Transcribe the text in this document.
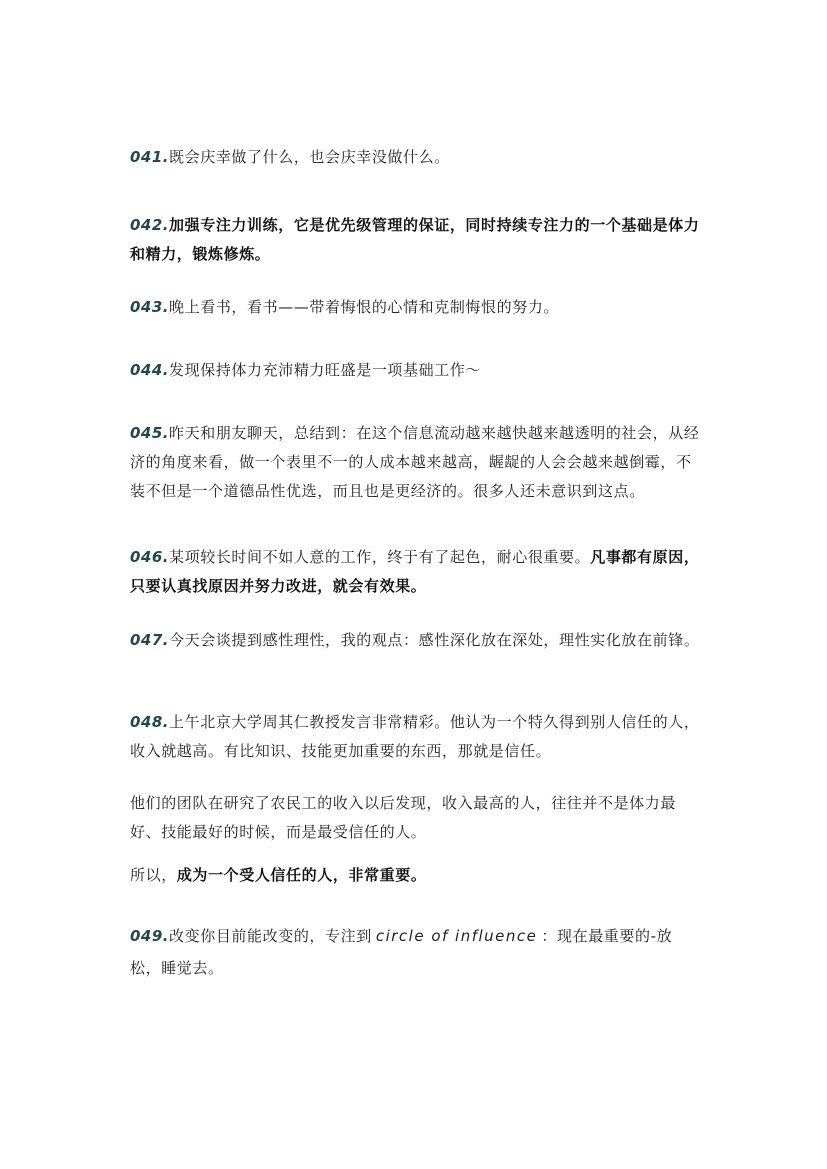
041.既会庆幸做了什么，也会庆幸没做什么。

042.加强专注力训练，它是优先级管理的保证，同时持续专注力的一个基础是体力和精力，锻炼修炼。

043.晚上看书，看书——带着悔恨的心情和克制悔恨的努力。

044.发现保持体力充沛精力旺盛是一项基础工作～

045.昨天和朋友聊天，总结到：在这个信息流动越来越快越来越透明的社会，从经济的角度来看，做一个表里不一的人成本越来越高，龌龊的人会会越来越倒霉，不装不但是一个道德品性优选，而且也是更经济的。很多人还未意识到这点。

046.某项较长时间不如人意的工作，终于有了起色，耐心很重要。凡事都有原因，只要认真找原因并努力改进，就会有效果。

047.今天会谈提到感性理性，我的观点：感性深化放在深处，理性实化放在前锋。

048.上午北京大学周其仁教授发言非常精彩。他认为一个特久得到别人信任的人，收入就越高。有比知识、技能更加重要的东西，那就是信任。

他们的团队在研究了农民工的收入以后发现，收入最高的人，往往并不是体力最好、技能最好的时候，而是最受信任的人。

所以，成为一个受人信任的人，非常重要。

049.改变你目前能改变的，专注到 circle of influence ：现在最重要的-放松，睡觉去。
